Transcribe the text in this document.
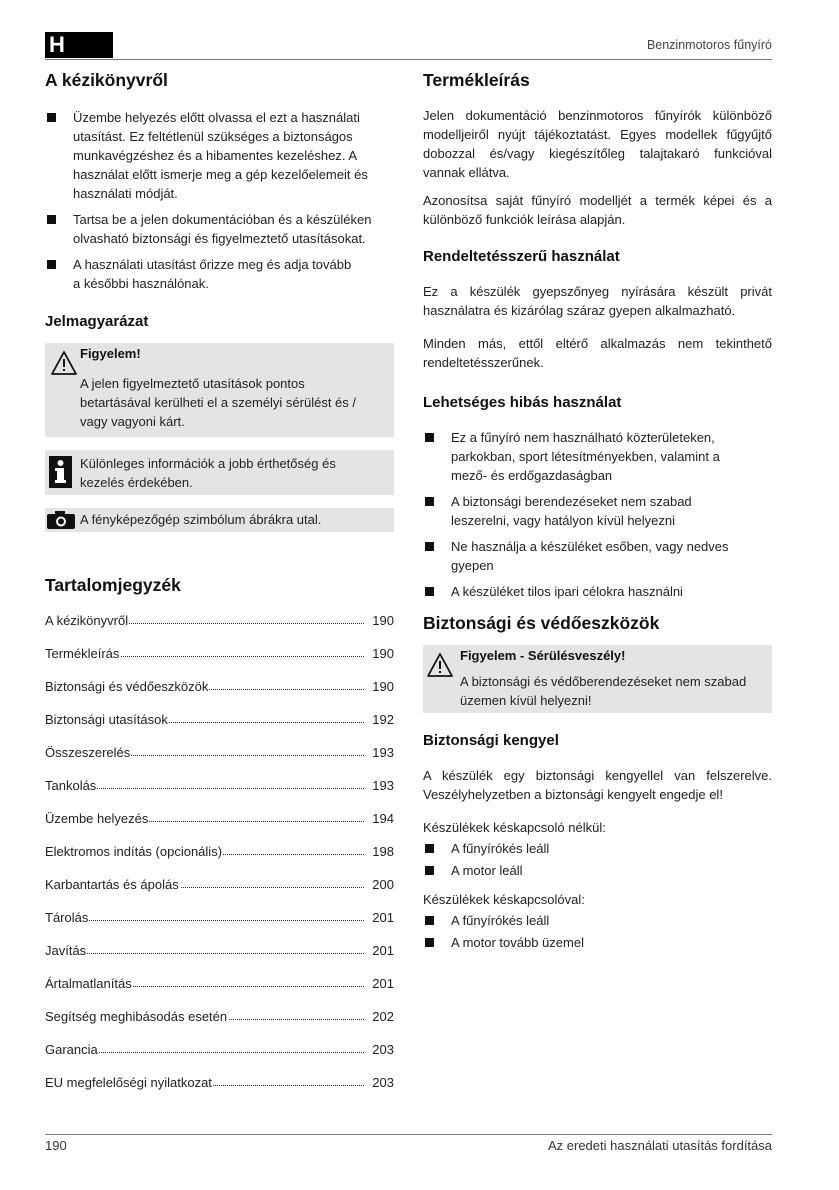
H	Benzinmotoros fűnyíró
A kézikönyvről
Üzembe helyezés előtt olvassa el ezt a használati utasítást. Ez feltétlenül szükséges a biztonságos munkavégzéshez és a hibamentes kezeléshez. A használat előtt ismerje meg a gép kezelőelemeit és használati módját.
Tartsa be a jelen dokumentációban és a készüléken olvasható biztonsági és figyelmeztető utasításokat.
A használati utasítást őrizze meg és adja tovább a későbbi használónak.
Jelmagyarázat
Figyelem!
A jelen figyelmeztető utasítások pontos betartásával kerülheti el a személyi sérülést és / vagy vagyoni kárt.
Különleges információk a jobb érthetőség és kezelés érdekében.
A fényképezőgép szimbólum ábrákra utal.
Tartalomjegyzék
A kézikönyvről	190
Termékleírás	190
Biztonsági és védőeszközök	190
Biztonsági utasítások	192
Összeszerelés	193
Tankolás	193
Üzembe helyezés	194
Elektromos indítás (opcionális)	198
Karbantartás és ápolás	200
Tárolás	201
Javítás	201
Ártalmatlanítás	201
Segítség meghibásodás esetén	202
Garancia	203
EU megfelelőségi nyilatkozat	203
Termékleírás

Jelen dokumentáció benzinmotoros fűnyírók különböző modelljeiről nyújt tájékoztatást. Egyes modellek fűgyűjtő dobozzal és/vagy kiegészítőleg talajtakaró funkcióval vannak ellátva.

Azonosítsa saját fűnyíró modelljét a termék képei és a különböző funkciók leírása alapján.

Rendeltetésszerű használat

Ez a készülék gyepszőnyeg nyírására készült privát használatra és kizárólag száraz gyepen alkalmazható.

Minden más, ettől eltérő alkalmazás nem tekinthető rendeltetésszerűnek.

Lehetséges hibás használat
Ez a fűnyíró nem használható közterületeken, parkokban, sport létesítményekben, valamint a mező- és erdőgazdaságban
A biztonsági berendezéseket nem szabad leszerelni, vagy hatályon kívül helyezni
Ne használja a készüléket esőben, vagy nedves gyepen
A készüléket tilos ipari célokra használni
Biztonsági és védőeszközök
Figyelem - Sérülésveszély!
A biztonsági és védőberendezéseket nem szabad üzemen kívül helyezni!
Biztonsági kengyel

A készülék egy biztonsági kengyellel van felszerelve. Veszélyhelyzetben a biztonsági kengyelt engedje el!

Készülékek késkapcsoló nélkül:

A fűnyírókés leáll
A motor leáll

Készülékek késkapcsolóval:

A fűnyírókés leáll
A motor tovább üzemel
190	Az eredeti használati utasítás fordítása
